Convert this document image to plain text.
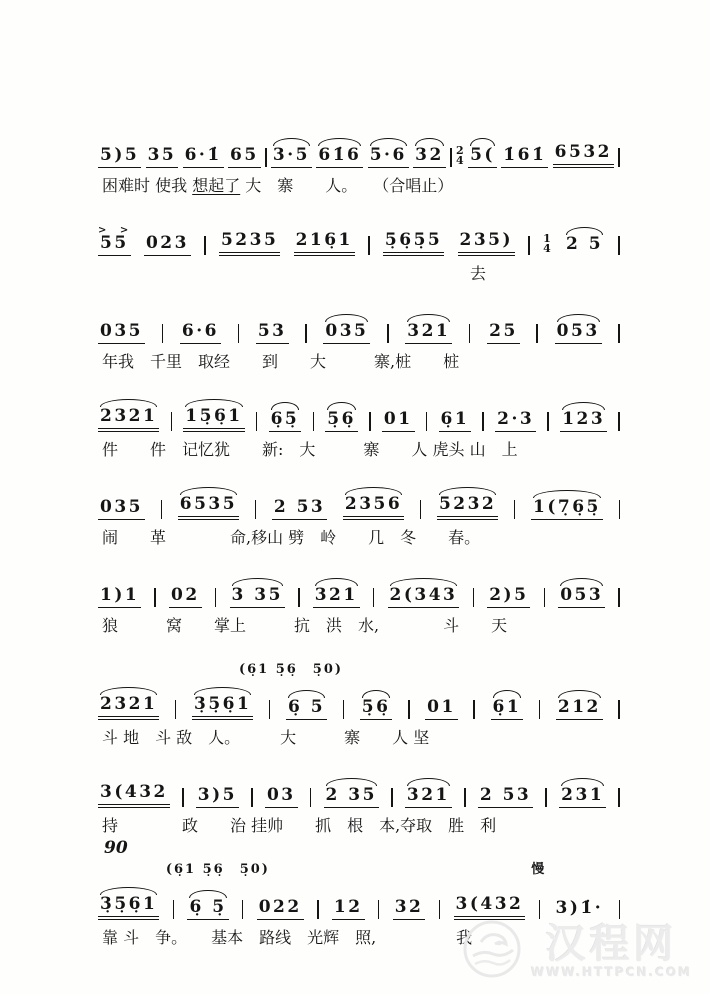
5)5 35 6·1̇ 65 3·5 61̇6 5·6 32 2
4 5( 1̇61̇ 6532
困难时 使我 想起了 大　寨　　人。　　（合唱止）
55
> >
023 5235 216̣1 5̣6̣5̣5 235)	1
4 2 5
　　　　　　　　　　　　　　　　　　　　　　　去
035 6·6 53 035 321 25 053
年我　千里　取经　　到　　大　　　寨,桩　　桩
2321 15̣6̣1 6̣5̣ 5̣6̣ 01 6̣1 2·3 123
件　　件　记忆犹　　新:　大　　　寨　　人 虎头 山　上
035 6535 2 53 2356 5232 1(7̣6̣5̣
闹　　革　　　　命,移山 劈　岭　　几　冬　　春。
1)1 02 3 35 321 2(343 2)5 053
狼　　　窝　　掌上　　　抗　洪　水,　　　　斗　　天
(6̣1 5̣6̣　5̣0)
2321 3̣5̣6̣1 6̣ 5 5̣6̣ 01 6̣1 212
斗 地　斗 敌　人。　　　大　　　寨　　人 坚
3(432 3)5 03 2 35 321 2 53 231
持　　　　政　　治 挂帅　　抓　根　本,夺取　胜　利
(6̣1 5̣6̣　5̣0)	慢
3̣5̣6̣1 6̣ 5̣ 022 12 32 3(432 3)1̇·
靠 斗　争。　　基本　路线　光辉　照,　　　　　我
90
汉程网
WWW.HTTPCN.COM
